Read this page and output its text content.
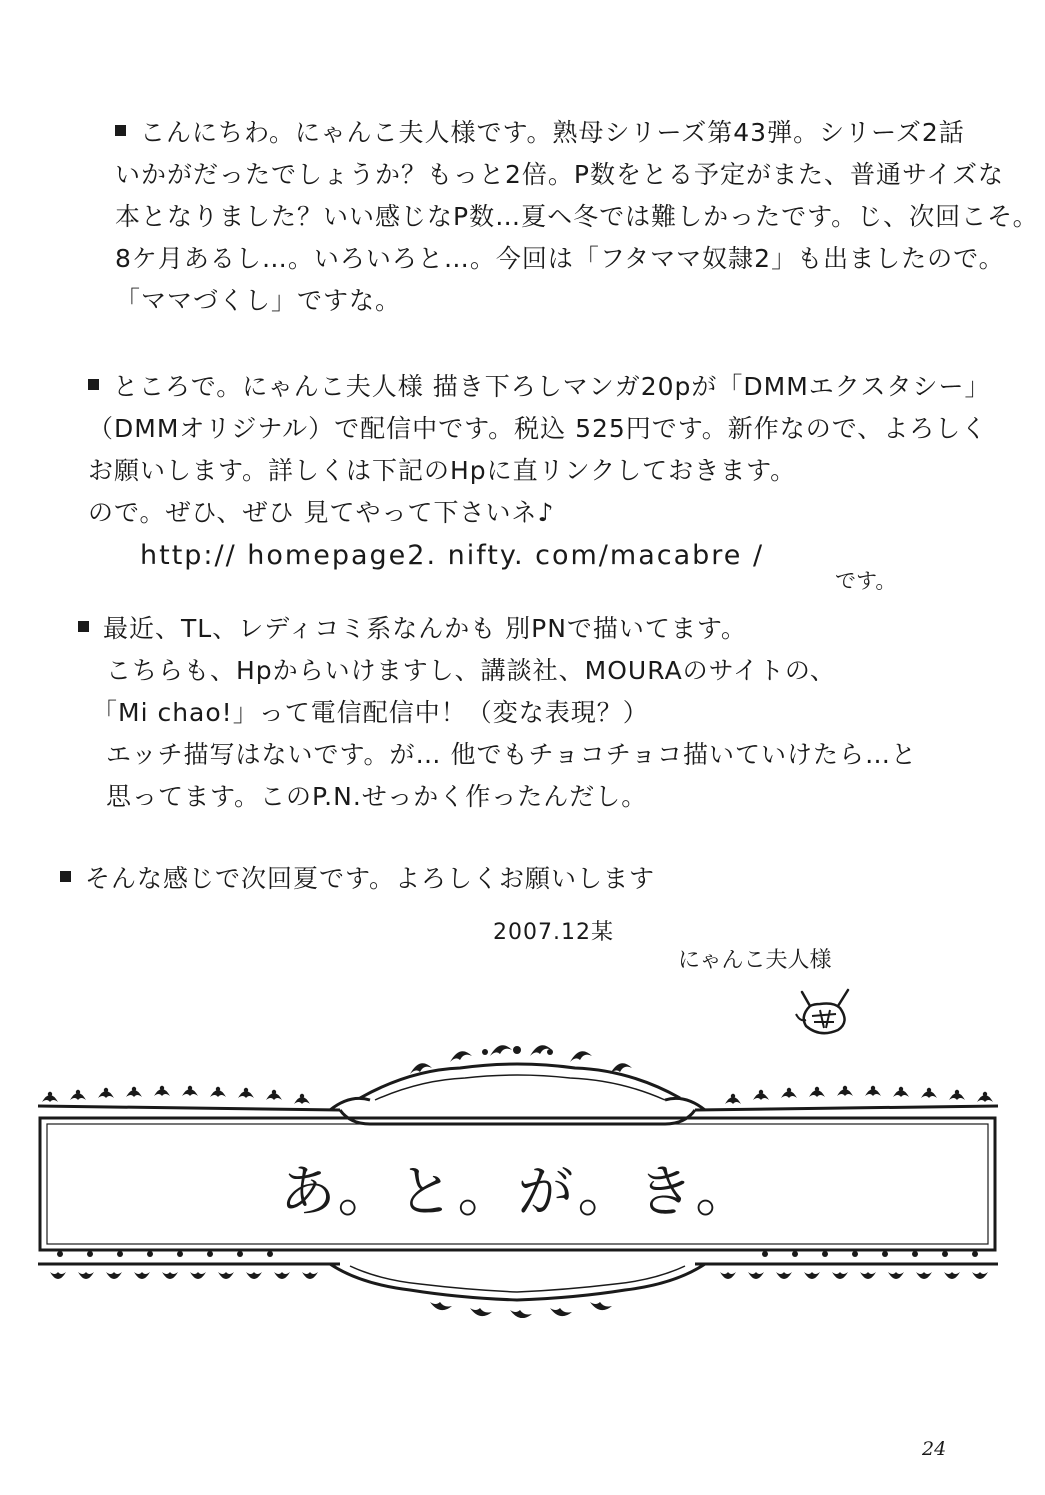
こんにちわ。にゃんこ夫人様です。熟母シリーズ第43弾。シリーズ2話
いかがだったでしょうか？もっと2倍。P数をとる予定がまた、普通サイズな
本となりました？いい感じなP数…夏ヘ冬では難しかったです。じ、次回こそ。
8ケ月あるし…。いろいろと…。今回は「フタママ奴隷2」も出ましたので。
「ママづくし」ですな。
ところで。にゃんこ夫人様 描き下ろしマンガ20pが「DMMエクスタシー」
（DMMオリジナル）で配信中です。税込 525円です。新作なので、よろしく
お願いします。詳しくは下記のHpに直リンクしておきます。
ので。ぜひ、ぜひ 見てやって下さいネ♪
http:// homepage2. nifty. com/macabre /
です。
最近、TL、レディコミ系なんかも 別PNで描いてます。
こちらも、Hpからいけますし、講談社、MOURAのサイトの、
「Mi chao!」って電信配信中！（変な表現？）
エッチ描写はないです。が… 他でもチョコチョコ描いていけたら…と
思ってます。このP.N.せっかく作ったんだし。
そんな感じで次回夏です。よろしくお願いします
2007.12某
にゃんこ夫人様
あ。と。が。き。
24
